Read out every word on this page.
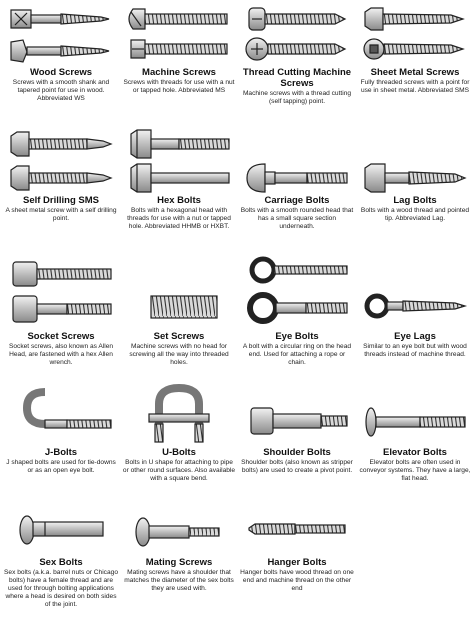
Wood Screws
Screws with a smooth shank and tapered point for use in wood. Abbreviated WS
Machine Screws
Screws with threads for use with a nut or tapped hole. Abbreviated MS
Thread Cutting Machine Screws
Machine screws with a thread cutting (self tapping) point.
Sheet Metal Screws
Fully threaded screws with a point for use in sheet metal. Abbreviated SMS
Self Drilling SMS
A sheet metal screw with a self drilling point.
Hex Bolts
Bolts with a hexagonal head with threads for use with a nut or tapped hole. Abbreviated HHMB or HXBT.
Carriage Bolts
Bolts with a smooth rounded head that has a small square section underneath.
Lag Bolts
Bolts with a wood thread and pointed tip. Abbreviated Lag.
Socket Screws
Socket screws, also known as Allen Head, are fastened with a hex Allen wrench.
Set Screws
Machine screws with no head for screwing all the way into threaded holes.
Eye Bolts
A bolt with a circular ring on the head end. Used for attaching a rope or chain.
Eye Lags
Similar to an eye bolt but with wood threads instead of machine thread.
J-Bolts
J shaped bolts are used for tie-downs or as an open eye bolt.
U-Bolts
Bolts in U shape for attaching to pipe or other round surfaces. Also available with a square bend.
Shoulder Bolts
Shoulder bolts (also known as stripper bolts) are used to create a pivot point.
Elevator Bolts
Elevator bolts are often used in conveyor systems. They have a large, flat head.
Sex Bolts
Sex bolts (a.k.a. barrel nuts or Chicago bolts) have a female thread and are used for through bolting applications where a head is desired on both sides of the joint.
Mating Screws
Mating screws have a shoulder that matches the diameter of the sex bolts they are used with.
Hanger Bolts
Hanger bolts have wood thread on one end and machine thread on the other end
